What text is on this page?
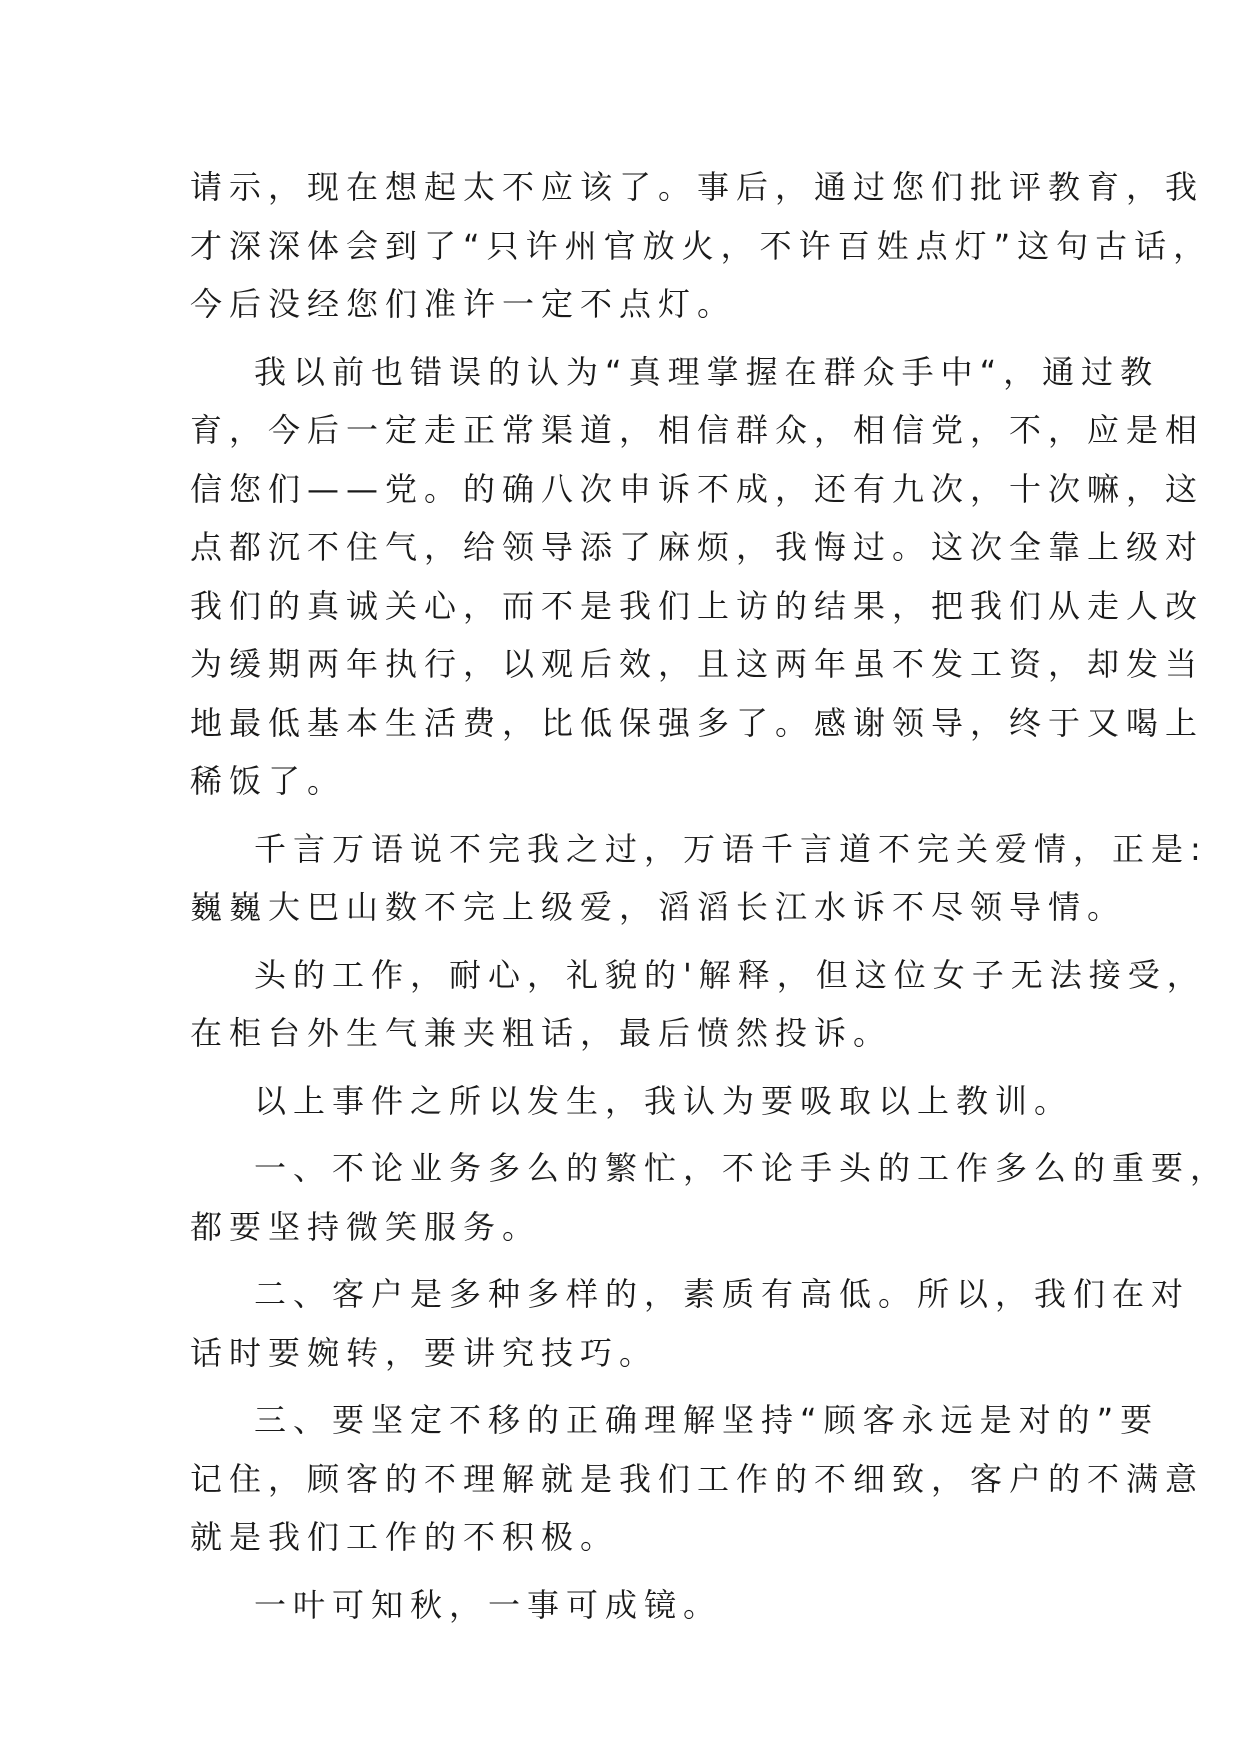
请示，现在想起太不应该了。事后，通过您们批评教育，我
才深深体会到了“只许州官放火，不许百姓点灯”这句古话，
今后没经您们准许一定不点灯。

我以前也错误的认为“真理掌握在群众手中“，通过教
育，今后一定走正常渠道，相信群众，相信党，不，应是相
信您们——党。的确八次申诉不成，还有九次，十次嘛，这
点都沉不住气，给领导添了麻烦，我悔过。这次全靠上级对
我们的真诚关心，而不是我们上访的结果，把我们从走人改
为缓期两年执行，以观后效，且这两年虽不发工资，却发当
地最低基本生活费，比低保强多了。感谢领导，终于又喝上
稀饭了。

千言万语说不完我之过，万语千言道不完关爱情，正是:
巍巍大巴山数不完上级爱，滔滔长江水诉不尽领导情。

头的工作，耐心，礼貌的'解释，但这位女子无法接受，
在柜台外生气兼夹粗话，最后愤然投诉。

以上事件之所以发生，我认为要吸取以上教训。

一、不论业务多么的繁忙，不论手头的工作多么的重要，
都要坚持微笑服务。

二、客户是多种多样的，素质有高低。所以，我们在对
话时要婉转，要讲究技巧。

三、要坚定不移的正确理解坚持“顾客永远是对的”要
记住，顾客的不理解就是我们工作的不细致，客户的不满意
就是我们工作的不积极。

一叶可知秋，一事可成镜。
